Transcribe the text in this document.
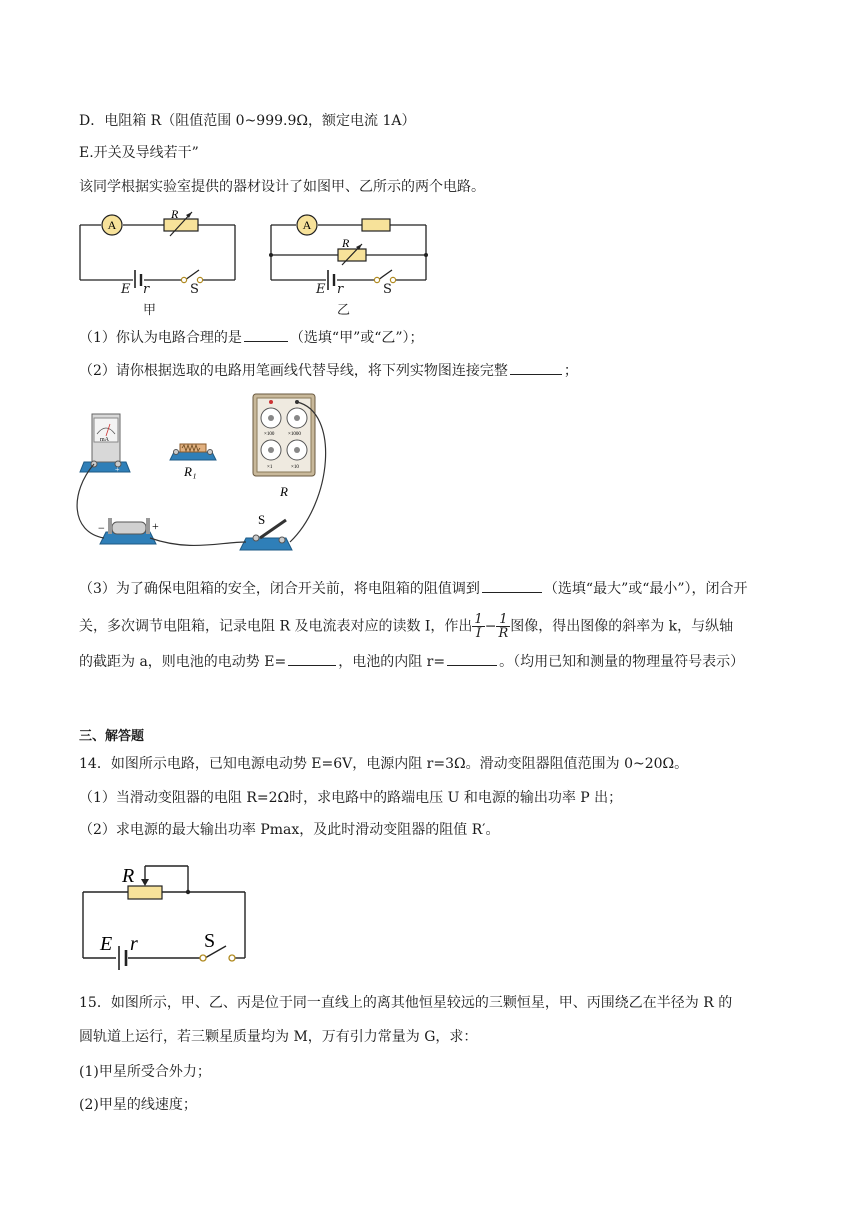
D．电阻箱 R（阻值范围 0~999.9Ω，额定电流 1A）
E.开关及导线若干”
该同学根据实验室提供的器材设计了如图甲、乙所示的两个电路。
A
R
E r	S
甲
A
R
E r	S
乙
（1）你认为电路合理的是	（选填“甲”或“乙”）；
（2）请你根据选取的电路用笔画线代替导线，将下列实物图连接完整	；
mA
+	R₁
×100	×1000
×1	×10
R
−	+	S
（3）为了确保电阻箱的安全，闭合开关前，将电阻箱的阻值调到	（选填“最大”或“最小”），闭合开
关，多次调节电阻箱，记录电阻 R 及电流表对应的读数 I，作出 $\frac{1}{I} - \frac{1}{R}$ 图像，得出图像的斜率为 k，与纵轴
的截距为 a，则电池的电动势 E=	，电池的内阻 r=	。（均用已知和测量的物理量符号表示）
三、解答题
14．如图所示电路，已知电源电动势 E=6V，电源内阻 r=3Ω。滑动变阻器阻值范围为 0~20Ω。
（1）当滑动变阻器的电阻 R=2Ω时，求电路中的路端电压 U 和电源的输出功率 P 出；
（2）求电源的最大输出功率 Pmax，及此时滑动变阻器的阻值 R′。
R
E r	S
15．如图所示，甲、乙、丙是位于同一直线上的离其他恒星较远的三颗恒星，甲、丙围绕乙在半径为 R 的
圆轨道上运行，若三颗星质量均为 M，万有引力常量为 G，求：
(1)甲星所受合外力；
(2)甲星的线速度；
